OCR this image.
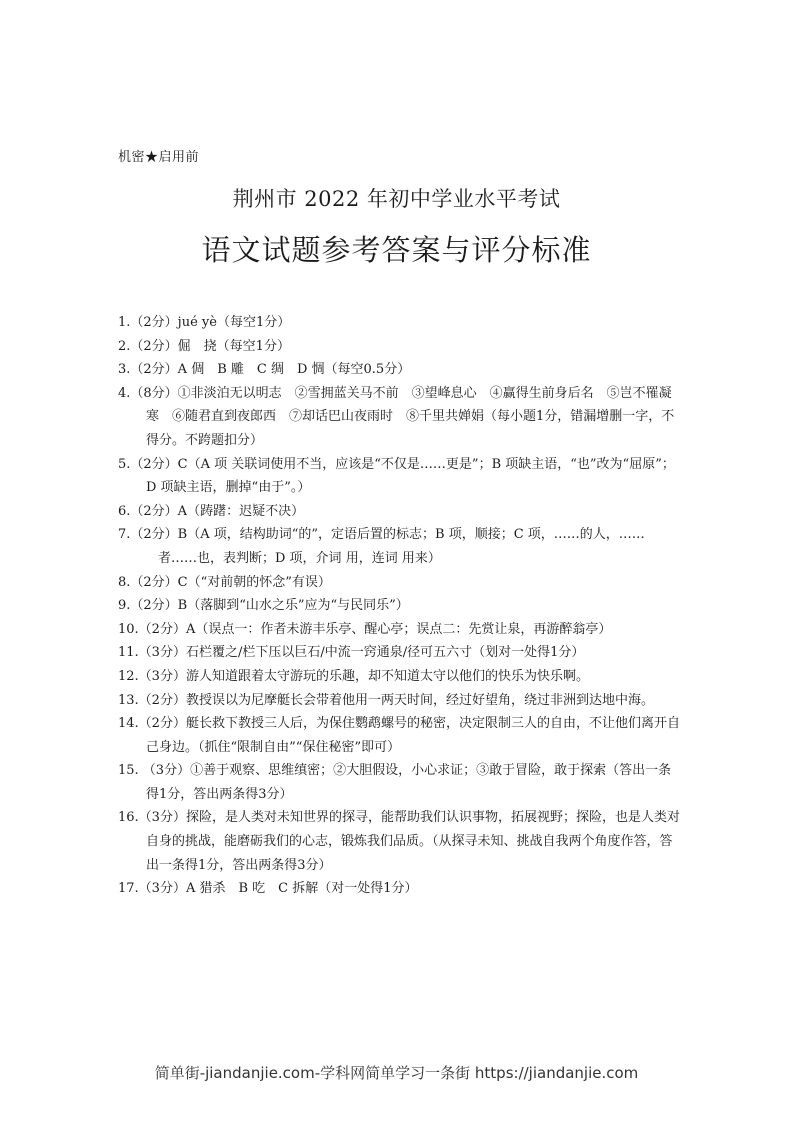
机密★启用前
荆州市 2022 年初中学业水平考试
语文试题参考答案与评分标准

1.（2分）jué yè（每空1分）

2.（2分）倔　挠（每空1分）

3.（2分）A 倜　B 雕　C 绸　D 惆（每空0.5分）

4.（8分）①非淡泊无以明志　②雪拥蓝关马不前　③望峰息心　④赢得生前身后名　⑤岂不罹凝寒　⑥随君直到夜郎西　⑦却话巴山夜雨时　⑧千里共婵娟（每小题1分，错漏增删一字，不得分。不跨题扣分）

5.（2分）C（A 项 关联词使用不当，应该是“不仅是……更是”；B 项缺主语，“也”改为“屈原”；D 项缺主语，删掉“由于”。）

6.（2分）A（踌躇：迟疑不决）

7.（2分）B（A 项，结构助词“的”，定语后置的标志；B 项，顺接；C 项，……的人，……者……也，表判断；D 项，介词 用，连词 用来）

8.（2分）C（“对前朝的怀念”有误）

9.（2分）B（落脚到“山水之乐”应为“与民同乐”）

10.（2分）A（误点一：作者未游丰乐亭、醒心亭；误点二：先赏让泉，再游醉翁亭）

11.（3分）石栏覆之/栏下压以巨石/中流一窍通泉/径可五六寸（划对一处得1分）

12.（3分）游人知道跟着太守游玩的乐趣，却不知道太守以他们的快乐为快乐啊。

13.（2分）教授误以为尼摩艇长会带着他用一两天时间，经过好望角，绕过非洲到达地中海。

14.（2分）艇长救下教授三人后，为保住鹦鹉螺号的秘密，决定限制三人的自由，不让他们离开自己身边。（抓住“限制自由”“保住秘密”即可）

15. （3分）①善于观察、思维缜密；②大胆假设，小心求证；③敢于冒险，敢于探索（答出一条得1分，答出两条得3分）

16.（3分）探险，是人类对未知世界的探寻，能帮助我们认识事物，拓展视野；探险，也是人类对自身的挑战，能磨砺我们的心志，锻炼我们品质。（从探寻未知、挑战自我两个角度作答，答出一条得1分，答出两条得3分）

17.（3分）A 猎杀　B 吃　C 拆解（对一处得1分）

简单街-jiandanjie.com-学科网简单学习一条街 https://jiandanjie.com
